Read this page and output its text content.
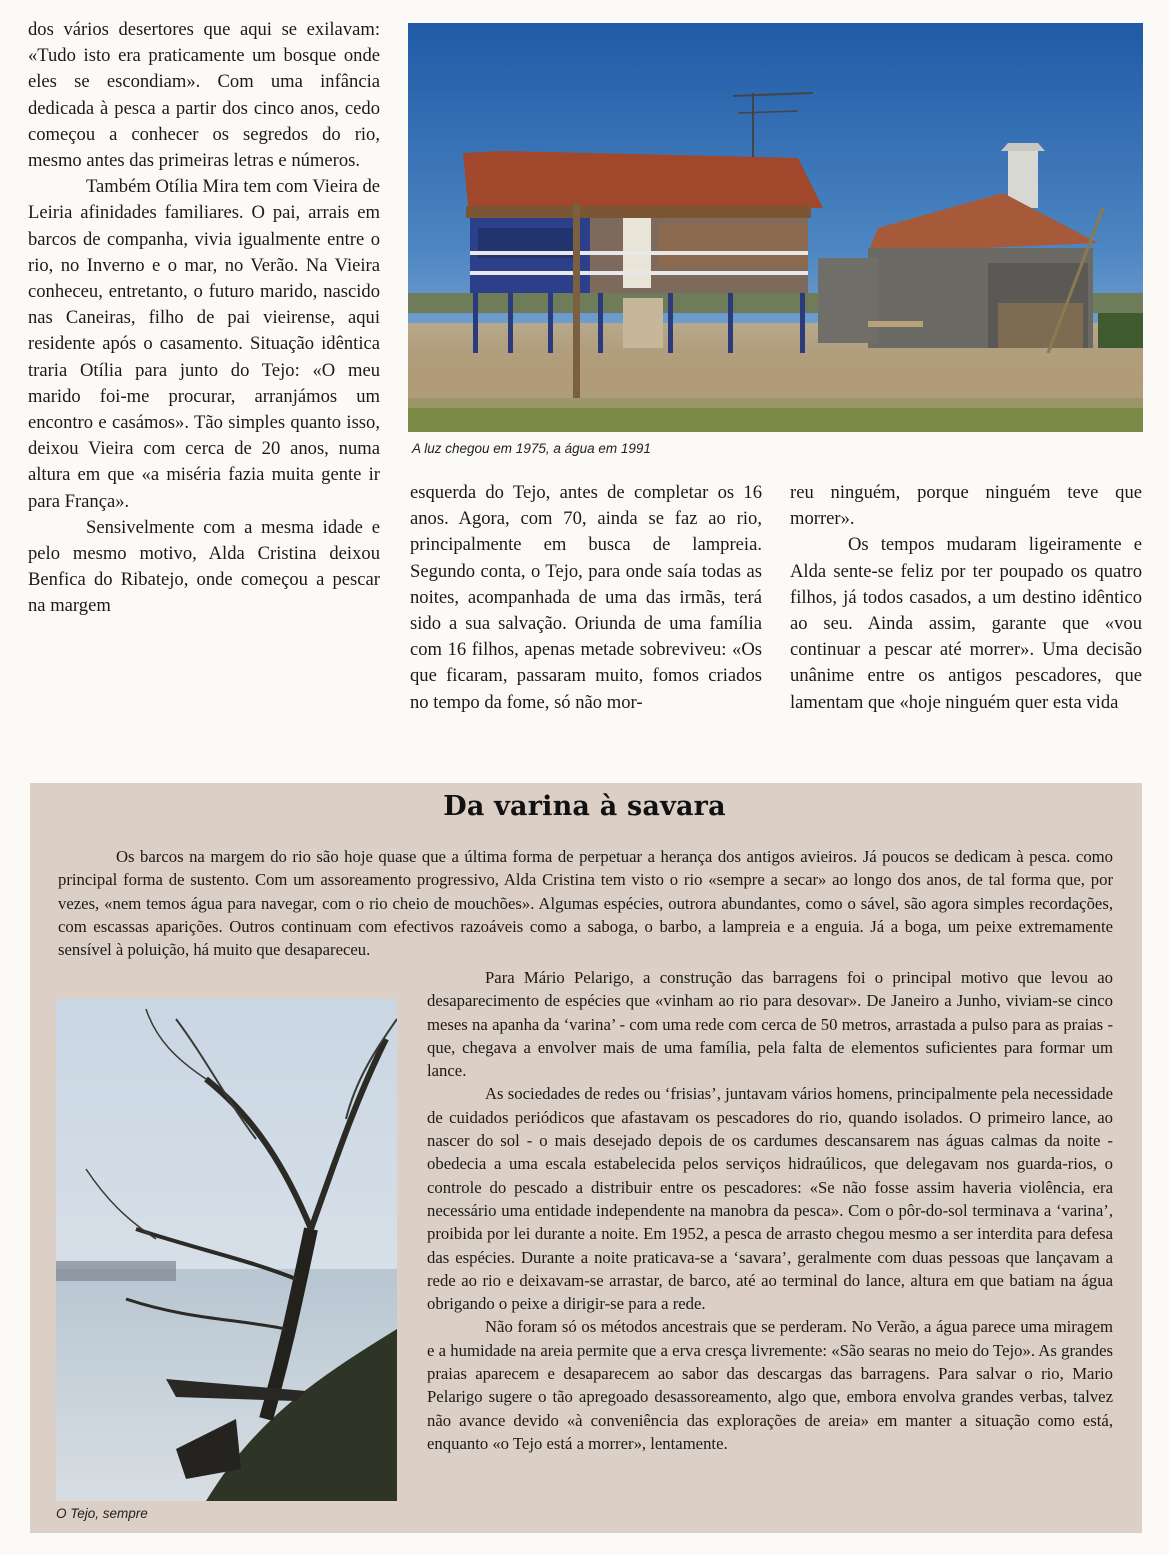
dos vários desertores que aqui se exilavam: «Tudo isto era praticamente um bosque onde eles se escondiam». Com uma infância dedicada à pesca a partir dos cinco anos, cedo começou a conhecer os segredos do rio, mesmo antes das primeiras letras e números.

Também Otília Mira tem com Vieira de Leiria afinidades familiares. O pai, arrais em barcos de companha, vivia igualmente entre o rio, no Inverno e o mar, no Verão. Na Vieira conheceu, entretanto, o futuro marido, nascido nas Caneiras, filho de pai vieirense, aqui residente após o casamento. Situação idêntica traria Otília para junto do Tejo: «O meu marido foi-me procurar, arranjámos um encontro e casámos». Tão simples quanto isso, deixou Vieira com cerca de 20 anos, numa altura em que «a miséria fazia muita gente ir para França».

Sensivelmente com a mesma idade e pelo mesmo motivo, Alda Cristina deixou Benfica do Ribatejo, onde começou a pescar na margem

A luz chegou em 1975, a água em 1991

esquerda do Tejo, antes de completar os 16 anos. Agora, com 70, ainda se faz ao rio, principalmente em busca de lampreia. Segundo conta, o Tejo, para onde saía todas as noites, acompanhada de uma das irmãs, terá sido a sua salvação. Oriunda de uma família com 16 filhos, apenas metade sobreviveu: «Os que ficaram, passaram muito, fomos criados no tempo da fome, só não mor-

reu ninguém, porque ninguém teve que morrer».

Os tempos mudaram ligeiramente e Alda sente-se feliz por ter poupado os quatro filhos, já todos casados, a um destino idêntico ao seu. Ainda assim, garante que «vou continuar a pescar até morrer». Uma decisão unânime entre os antigos pescadores, que lamentam que «hoje ninguém quer esta vida

Da varina à savara

Os barcos na margem do rio são hoje quase que a última forma de perpetuar a herança dos antigos avieiros. Já poucos se dedicam à pesca. como principal forma de sustento. Com um assoreamento progressivo, Alda Cristina tem visto o rio «sempre a secar» ao longo dos anos, de tal forma que, por vezes, «nem temos água para navegar, com o rio cheio de mouchões». Algumas espécies, outrora abundantes, como o sável, são agora simples recordações, com escassas aparições. Outros continuam com efectivos razoáveis como a saboga, o barbo, a lampreia e a enguia. Já a boga, um peixe extremamente sensível à poluição, há muito que desapareceu.

O Tejo, sempre

Para Mário Pelarigo, a construção das barragens foi o principal motivo que levou ao desaparecimento de espécies que «vinham ao rio para desovar». De Janeiro a Junho, viviam-se cinco meses na apanha da ‘varina’ - com uma rede com cerca de 50 metros, arrastada a pulso para as praias - que, chegava a envolver mais de uma família, pela falta de elementos suficientes para formar um lance.

As sociedades de redes ou ‘frisias’, juntavam vários homens, principalmente pela necessidade de cuidados periódicos que afastavam os pescadores do rio, quando isolados. O primeiro lance, ao nascer do sol - o mais desejado depois de os cardumes descansarem nas águas calmas da noite - obedecia a uma escala estabelecida pelos serviços hidraúlicos, que delegavam nos guarda-rios, o controle do pescado a distribuir entre os pescadores: «Se não fosse assim haveria violência, era necessário uma entidade independente na manobra da pesca». Com o pôr-do-sol terminava a ‘varina’, proibida por lei durante a noite. Em 1952, a pesca de arrasto chegou mesmo a ser interdita para defesa das espécies. Durante a noite praticava-se a ‘savara’, geralmente com duas pessoas que lançavam a rede ao rio e deixavam-se arrastar, de barco, até ao terminal do lance, altura em que batiam na água obrigando o peixe a dirigir-se para a rede.

Não foram só os métodos ancestrais que se perderam. No Verão, a água parece uma miragem e a humidade na areia permite que a erva cresça livremente: «São searas no meio do Tejo». As grandes praias aparecem e desaparecem ao sabor das descargas das barragens. Para salvar o rio, Mario Pelarigo sugere o tão apregoado desassoreamento, algo que, embora envolva grandes verbas, talvez não avance devido «à conveniência das explorações de areia» em manter a situação como está, enquanto «o Tejo está a morrer», lentamente.
